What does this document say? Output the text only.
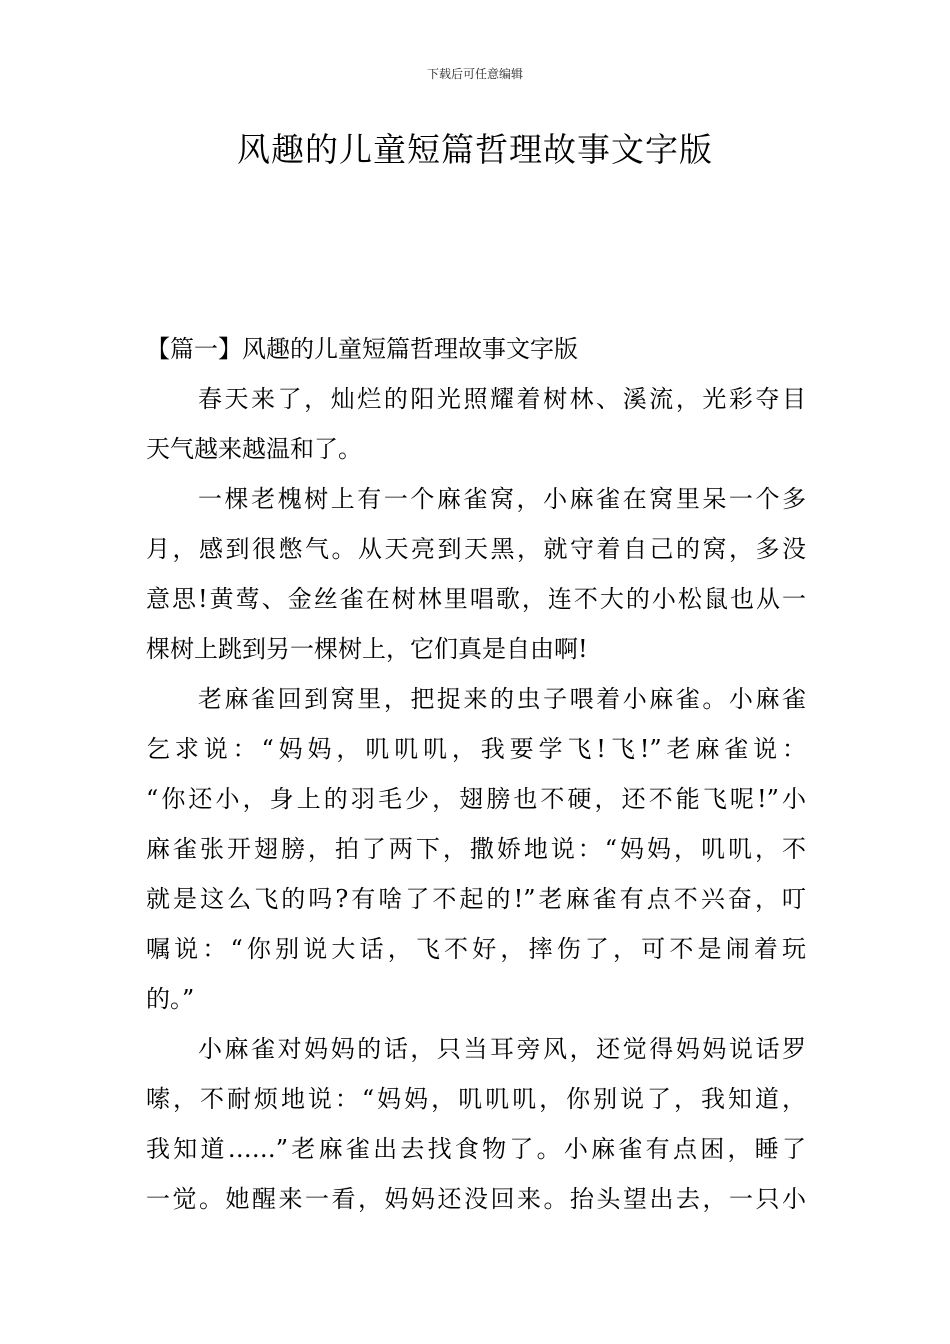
下载后可任意编辑
风趣的儿童短篇哲理故事文字版

【篇一】风趣的儿童短篇哲理故事文字版

春天来了，灿烂的阳光照耀着树林、溪流，光彩夺目
天气越来越温和了。

一棵老槐树上有一个麻雀窝，小麻雀在窝里呆一个多
月，感到很憋气。从天亮到天黑，就守着自己的窝，多没
意思!黄莺、金丝雀在树林里唱歌，连不大的小松鼠也从一
棵树上跳到另一棵树上，它们真是自由啊!

老麻雀回到窝里，把捉来的虫子喂着小麻雀。小麻雀
乞求说：“妈妈，叽叽叽，我要学飞!飞!”老麻雀说：
“你还小，身上的羽毛少，翅膀也不硬，还不能飞呢!”小
麻雀张开翅膀，拍了两下，撒娇地说：“妈妈，叽叽，不
就是这么飞的吗?有啥了不起的!”老麻雀有点不兴奋，叮
嘱说：“你别说大话，飞不好，摔伤了，可不是闹着玩
的。”

小麻雀对妈妈的话，只当耳旁风，还觉得妈妈说话罗
嗦，不耐烦地说：“妈妈，叽叽叽，你别说了，我知道，
我知道……”老麻雀出去找食物了。小麻雀有点困，睡了
一觉。她醒来一看，妈妈还没回来。抬头望出去，一只小
